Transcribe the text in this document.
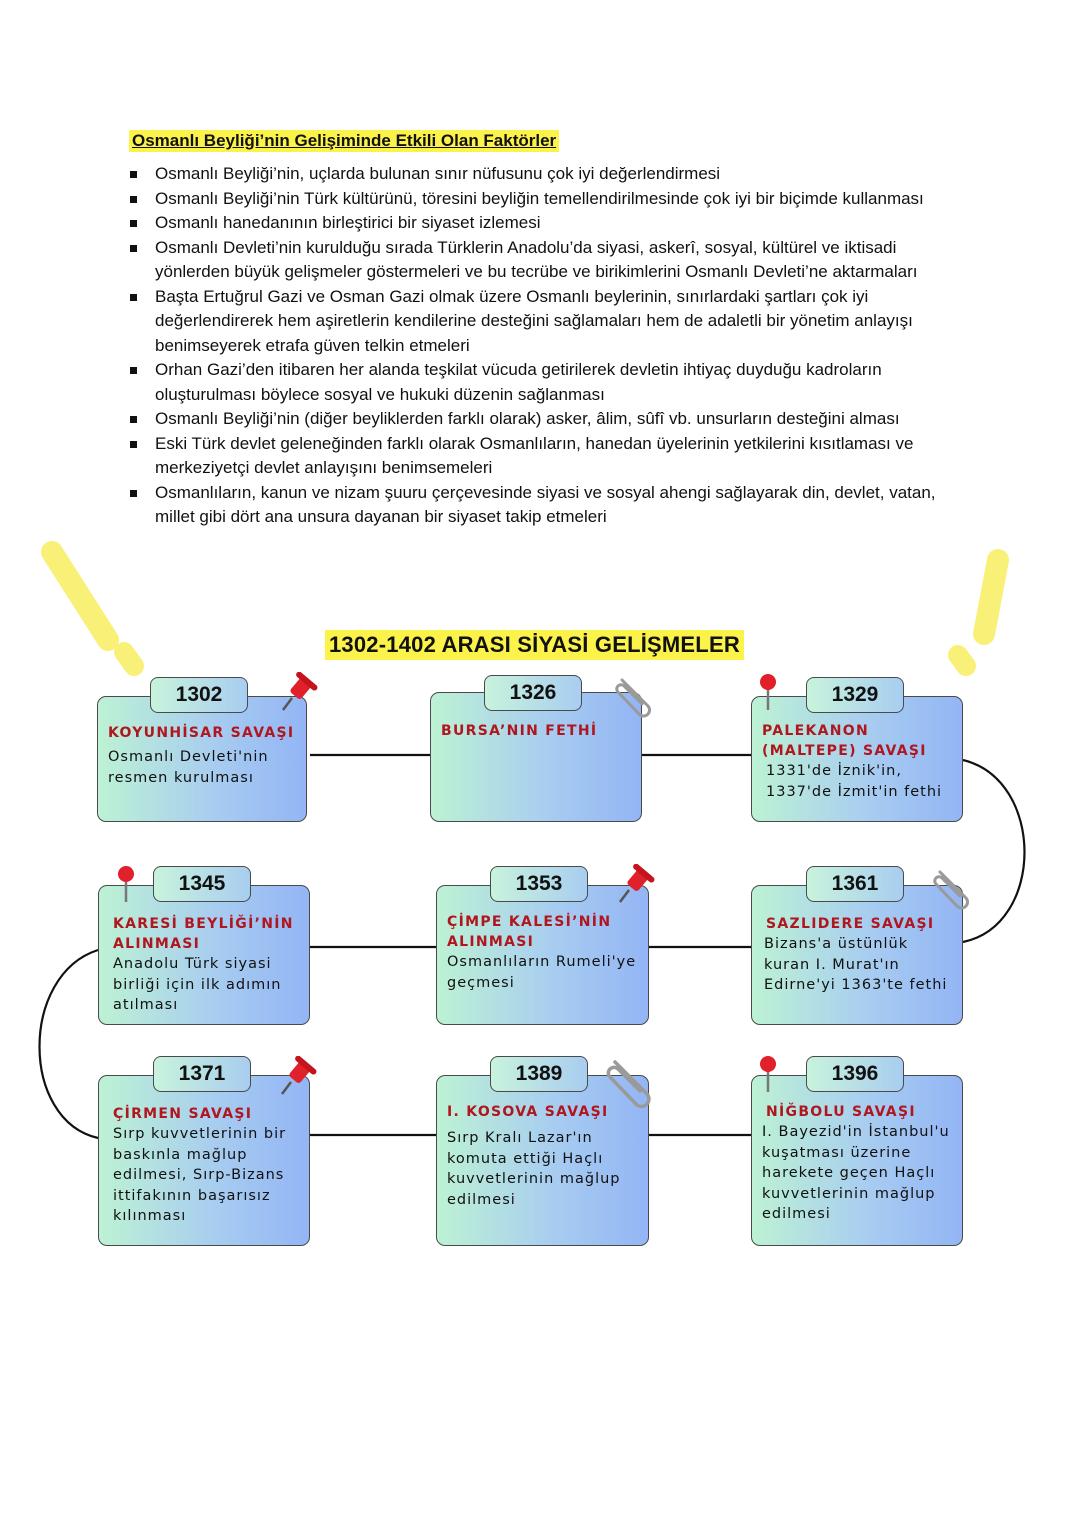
Osmanlı Beyliği’nin Gelişiminde Etkili Olan Faktörler
Osmanlı Beyliği’nin, uçlarda bulunan sınır nüfusunu çok iyi değerlendirmesi
Osmanlı Beyliği’nin Türk kültürünü, töresini beyliğin temellendirilmesinde çok iyi bir biçimde kullanması
Osmanlı hanedanının birleştirici bir siyaset izlemesi
Osmanlı Devleti’nin kurulduğu sırada Türklerin Anadolu’da siyasi, askerî, sosyal, kültürel ve iktisadi yönlerden büyük gelişmeler göstermeleri ve bu tecrübe ve birikimlerini Osmanlı Devleti’ne aktarmaları
Başta Ertuğrul Gazi ve Osman Gazi olmak üzere Osmanlı beylerinin, sınırlardaki şartları çok iyi değerlendirerek hem aşiretlerin kendilerine desteğini sağlamaları hem de adaletli bir yönetim anlayışı benimseyerek etrafa güven telkin etmeleri
Orhan Gazi’den itibaren her alanda teşkilat vücuda getirilerek devletin ihtiyaç duyduğu kadroların oluşturulması böylece sosyal ve hukuki düzenin sağlanması
Osmanlı Beyliği’nin (diğer beyliklerden farklı olarak) asker, âlim, sûfî vb. unsurların desteğini alması
Eski Türk devlet geleneğinden farklı olarak Osmanlıların, hanedan üyelerinin yetkilerini kısıtlaması ve merkeziyetçi devlet anlayışını benimsemeleri
Osmanlıların, kanun ve nizam şuuru çerçevesinde siyasi ve sosyal ahengi sağlayarak din, devlet, vatan, millet gibi dört ana unsura dayanan bir siyaset takip etmeleri
1302-1402 ARASI SİYASİ GELİŞMELER
1302
KOYUNHİSAR SAVAŞI
Osmanlı Devleti'nin resmen kurulması
1326
BURSA’NIN FETHİ
1329
PALEKANON (MALTEPE) SAVAŞI
1331'de İznik'in, 1337'de İzmit'in fethi
1345
KARESİ BEYLİĞİ’NİN ALINMASI
Anadolu Türk siyasi birliği için ilk adımın atılması
1353
ÇİMPE KALESİ’NİN ALINMASI
Osmanlıların Rumeli'ye geçmesi
1361
SAZLIDERE SAVAŞI
Bizans'a üstünlük kuran I. Murat'ın Edirne'yi 1363'te fethi
1371
ÇİRMEN SAVAŞI
Sırp kuvvetlerinin bir baskınla mağlup edilmesi, Sırp-Bizans ittifakının başarısız kılınması
1389
I. KOSOVA SAVAŞI
Sırp Kralı Lazar'ın komuta ettiği Haçlı kuvvetlerinin mağlup edilmesi
1396
NİĞBOLU SAVAŞI
I. Bayezid'in İstanbul'u kuşatması üzerine harekete geçen Haçlı kuvvetlerinin mağlup edilmesi
